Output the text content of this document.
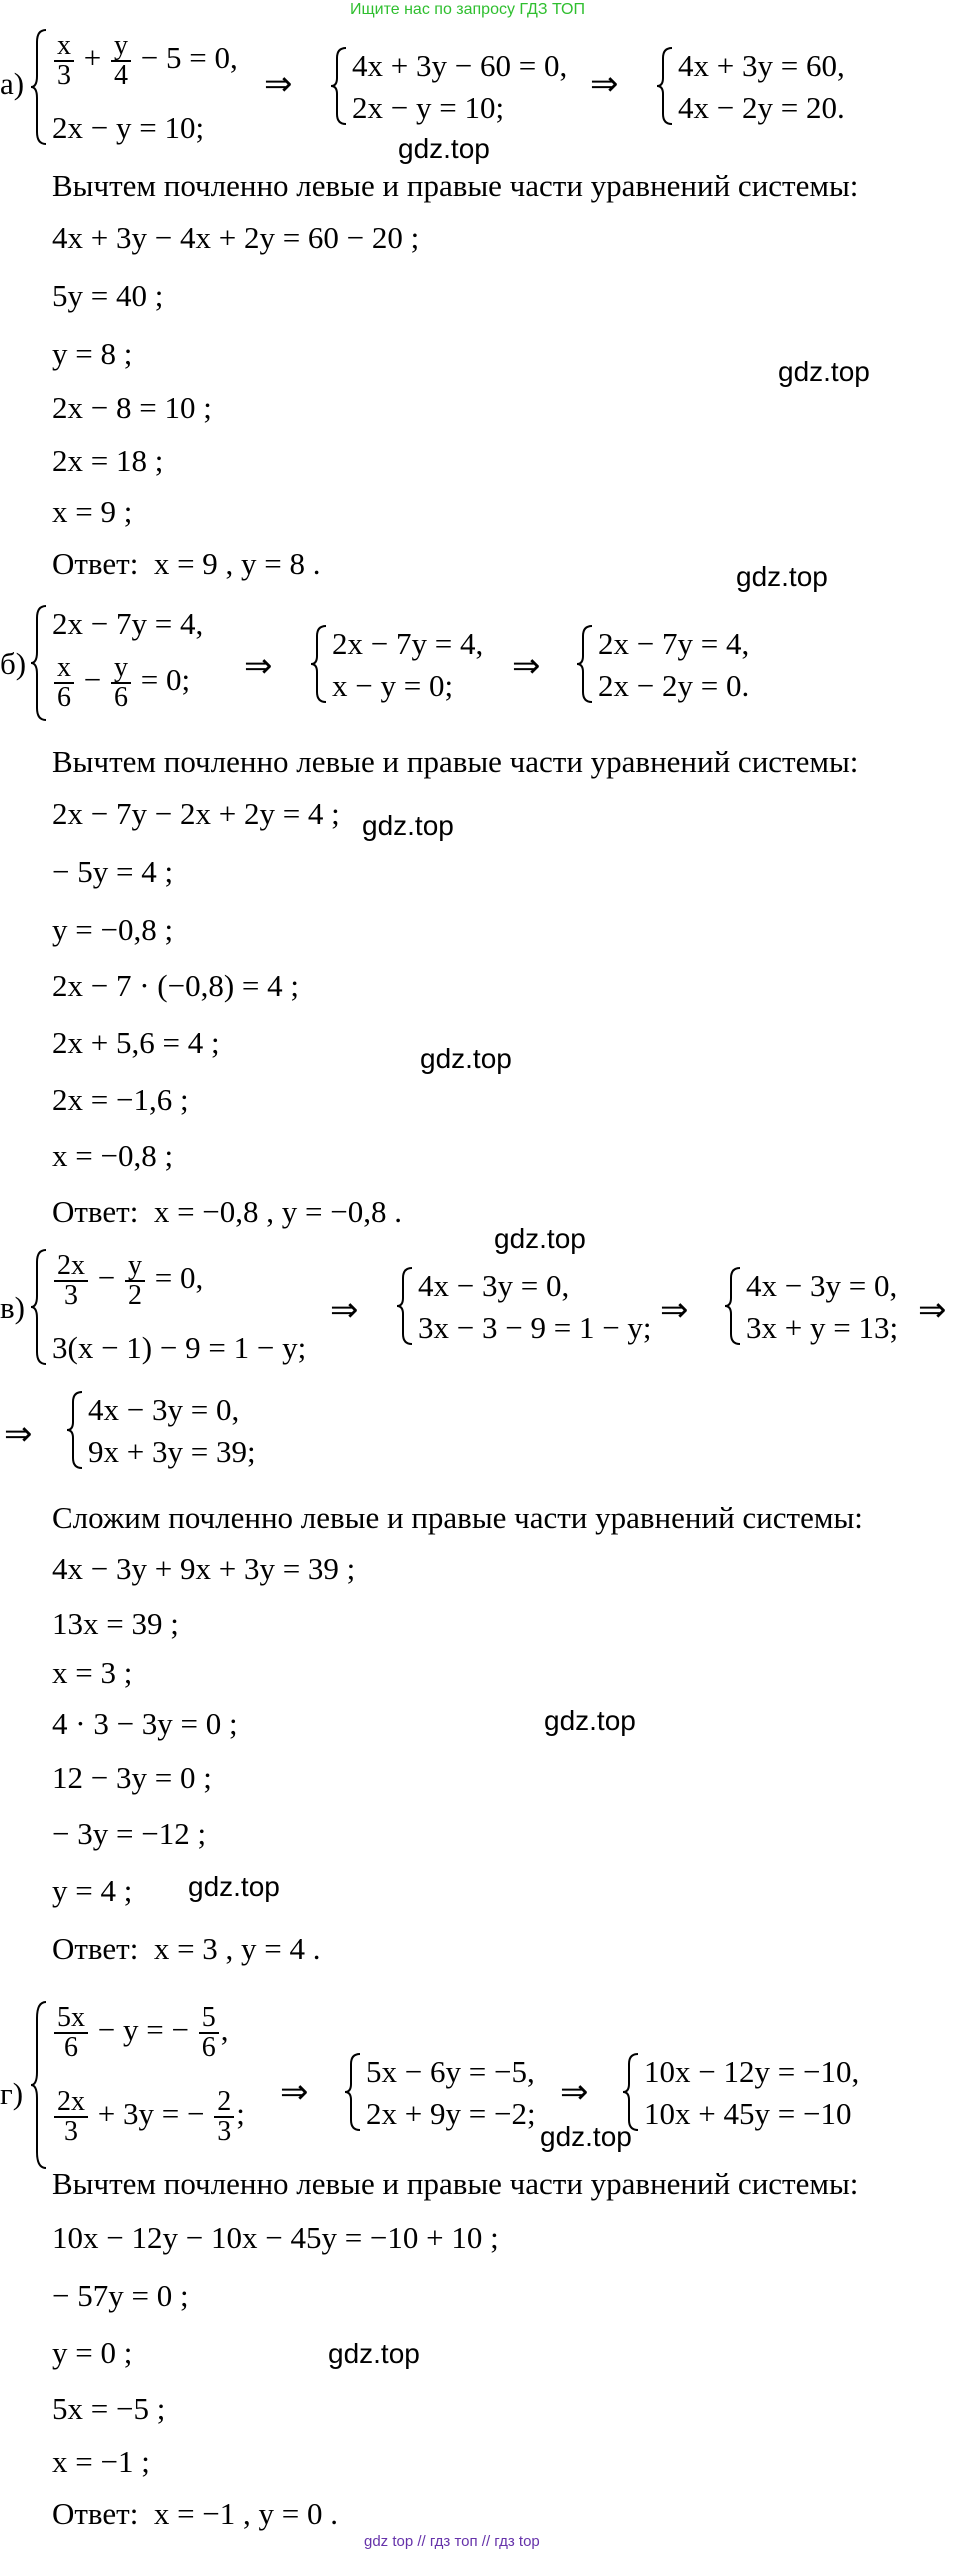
Ищите нас по запросу ГДЗ ТОП
$а) \frac{x}{3} + \frac{y}{4} - 5 = 0$,
2x − y = 10;
⇒
4x + 3y − 60 = 0,
2x − y = 10;
⇒
4x + 3y = 60,
4x − 2y = 20.
gdz.top
Вычтем почленно левые и правые части уравнений системы:
4x + 3y − 4x + 2y = 60 − 20 ;
5y = 40 ;
y = 8 ;
gdz.top
2x − 8 = 10 ;
2x = 18 ;
x = 9 ;
Ответ: x = 9 , y = 8 .	gdz.top
б)
2x − 7y = 4,
$\frac{x}{6} - \frac{y}{6} = 0$; ⇒
2x − 7y = 4,
x − y = 0;
⇒
2x − 7y = 4,
2x − 2y = 0.
Вычтем почленно левые и правые части уравнений системы:
2x − 7y − 2x + 2y = 4 ; gdz.top
− 5y = 4 ;
y = −0,8 ;
2x − 7 · (−0,8) = 4 ;
2x + 5,6 = 4 ;	gdz.top
2x = −1,6 ;
x = −0,8 ;
Ответ: x = −0,8 , y = −0,8 .
gdz.top
$в) \frac{2x}{3} - \frac{y}{2} = 0$,
3(x − 1) − 9 = 1 − y;
⇒
4x − 3y = 0,
3x − 3 − 9 = 1 − y; ⇒
4x − 3y = 0,
3x + y = 13; ⇒
⇒
4x − 3y = 0,
9x + 3y = 39;
Сложим почленно левые и правые части уравнений системы:
4x − 3y + 9x + 3y = 39 ;
13x = 39 ;
x = 3 ;
4 · 3 − 3y = 0 ;	gdz.top
12 − 3y = 0 ;
− 3y = −12 ;
y = 4 ; gdz.top
Ответ: x = 3 , y = 4 .
г)
$\frac{5x}{6} - y$ = − $\frac{5}{6}$ ,
$\frac{2x}{3} + 3y$ = − $\frac{2}{3}$ ;
⇒
5x − 6y = −5,
2x + 9y = −2;
⇒
10x − 12y = −10,
10x + 45y = −10
gdz.top
Вычтем почленно левые и правые части уравнений системы:
10x − 12y − 10x − 45y = −10 + 10 ;
− 57y = 0 ;
y = 0 ;	gdz.top
5x = −5 ;
x = −1 ;
Ответ: x = −1 , y = 0 .
gdz top // гдз топ // гдз top
